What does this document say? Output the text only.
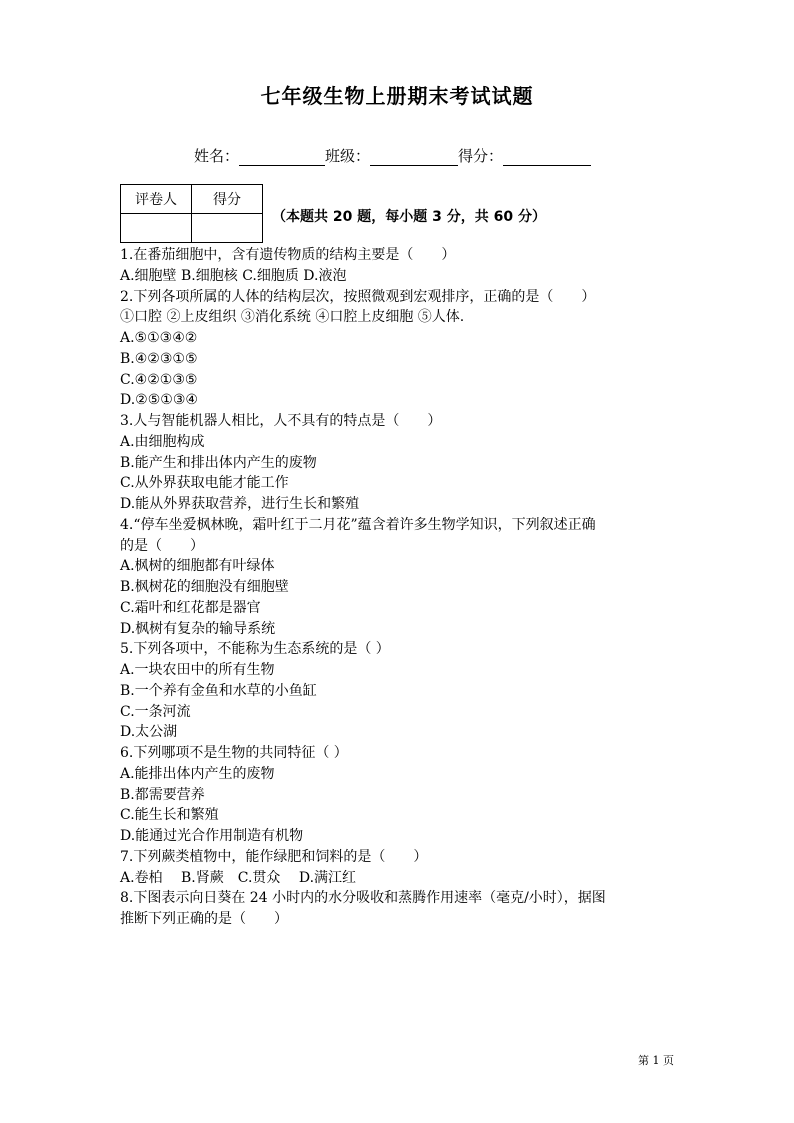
七年级生物上册期末考试试题
姓名：	班级：	得分：
评卷人	得分

（本题共 20 题，每小题 3 分，共 60 分）
1.在番茄细胞中，含有遗传物质的结构主要是（　　）
A.细胞壁 B.细胞核 C.细胞质 D.液泡
2.下列各项所属的人体的结构层次，按照微观到宏观排序，正确的是（　　）
①口腔 ②上皮组织 ③消化系统 ④口腔上皮细胞 ⑤人体.
A.⑤①③④②
B.④②③①⑤
C.④②①③⑤
D.②⑤①③④
3.人与智能机器人相比，人不具有的特点是（　　）
A.由细胞构成
B.能产生和排出体内产生的废物
C.从外界获取电能才能工作
D.能从外界获取营养，进行生长和繁殖
4.“停车坐爱枫林晚，霜叶红于二月花”蕴含着许多生物学知识，下列叙述正确
的是（　　）
A.枫树的细胞都有叶绿体
B.枫树花的细胞没有细胞壁
C.霜叶和红花都是器官
D.枫树有复杂的输导系统
5.下列各项中，不能称为生态系统的是（ ）
A.一块农田中的所有生物
B.一个养有金鱼和水草的小鱼缸
C.一条河流
D.太公湖
6.下列哪项不是生物的共同特征（ ）
A.能排出体内产生的废物
B.都需要营养
C.能生长和繁殖
D.能通过光合作用制造有机物
7.下列蕨类植物中，能作绿肥和饲料的是（　　）
A.卷柏　 B.肾蕨　C.贯众　 D.满江红
8.下图表示向日葵在 24 小时内的水分吸收和蒸腾作用速率（毫克/小时），据图
推断下列正确的是（　　）
第 1 页
